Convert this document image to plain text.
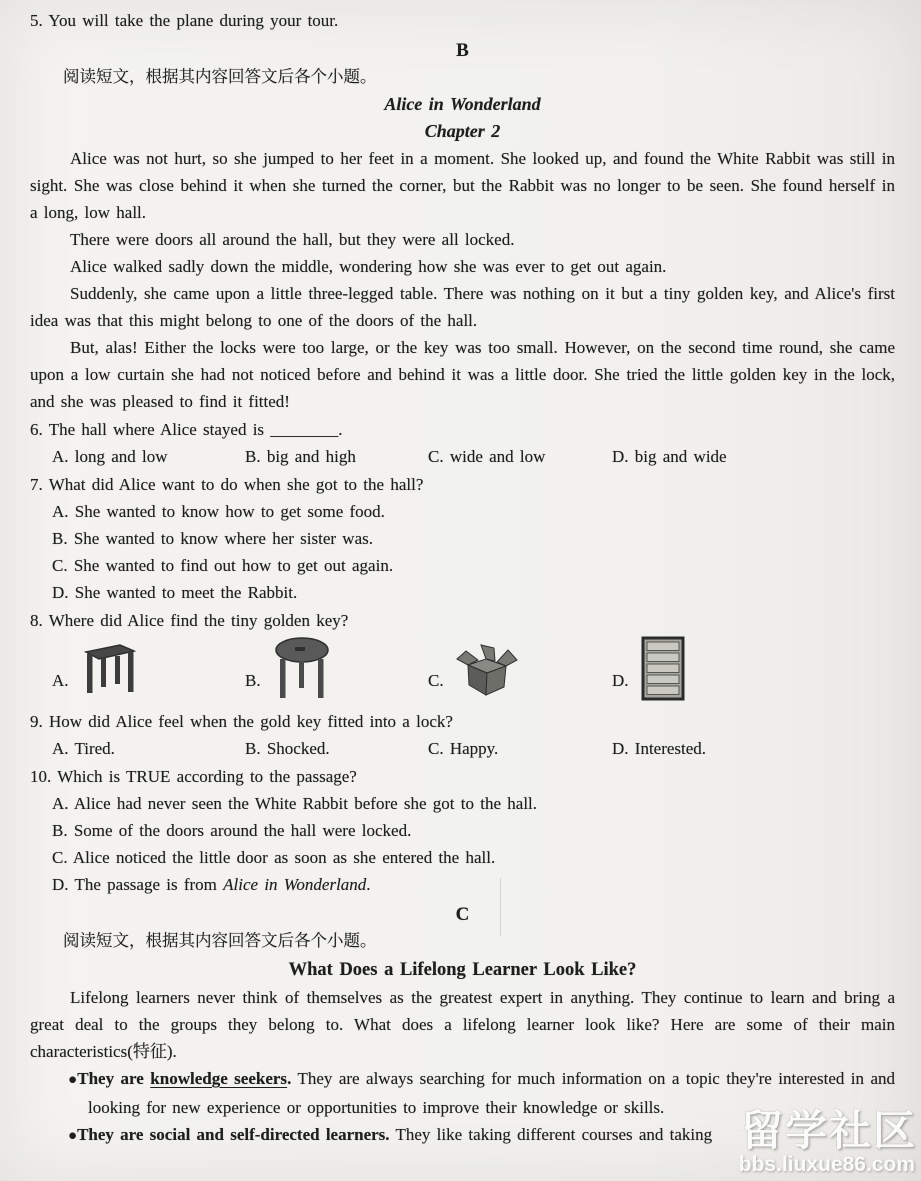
5. You will take the plane during your tour.
B
阅读短文，根据其内容回答文后各个小题。
Alice in Wonderland
Chapter 2

Alice was not hurt, so she jumped to her feet in a moment. She looked up, and found the White Rabbit was still in sight. She was close behind it when she turned the corner, but the Rabbit was no longer to be seen. She found herself in a long, low hall.

There were doors all around the hall, but they were all locked.

Alice walked sadly down the middle, wondering how she was ever to get out again.

Suddenly, she came upon a little three-legged table. There was nothing on it but a tiny golden key, and Alice's first idea was that this might belong to one of the doors of the hall.

But, alas! Either the locks were too large, or the key was too small. However, on the second time round, she came upon a low curtain she had not noticed before and behind it was a little door. She tried the little golden key in the lock, and she was pleased to find it fitted!

6. The hall where Alice stayed is ________.
A. long and low	B. big and high	C. wide and low	D. big and wide
7. What did Alice want to do when she got to the hall?
A. She wanted to know how to get some food.
B. She wanted to know where her sister was.
C. She wanted to find out how to get out again.
D. She wanted to meet the Rabbit.
8. Where did Alice find the tiny golden key?
A.	B.	C.	D.
9. How did Alice feel when the gold key fitted into a lock?
A. Tired.	B. Shocked.	C. Happy.	D. Interested.
10. Which is TRUE according to the passage?
A. Alice had never seen the White Rabbit before she got to the hall.
B. Some of the doors around the hall were locked.
C. Alice noticed the little door as soon as she entered the hall.
D. The passage is from Alice in Wonderland.
C
阅读短文，根据其内容回答文后各个小题。
What Does a Lifelong Learner Look Like?

Lifelong learners never think of themselves as the greatest expert in anything. They continue to learn and bring a great deal to the groups they belong to. What does a lifelong learner look like? Here are some of their main characteristics(特征).

●They are knowledge seekers. They are always searching for much information on a topic they're interested in and looking for new experience or opportunities to improve their knowledge or skills.

●They are social and self-directed learners. They like taking different courses and taking 留学社区
bbs.liuxue86.com
